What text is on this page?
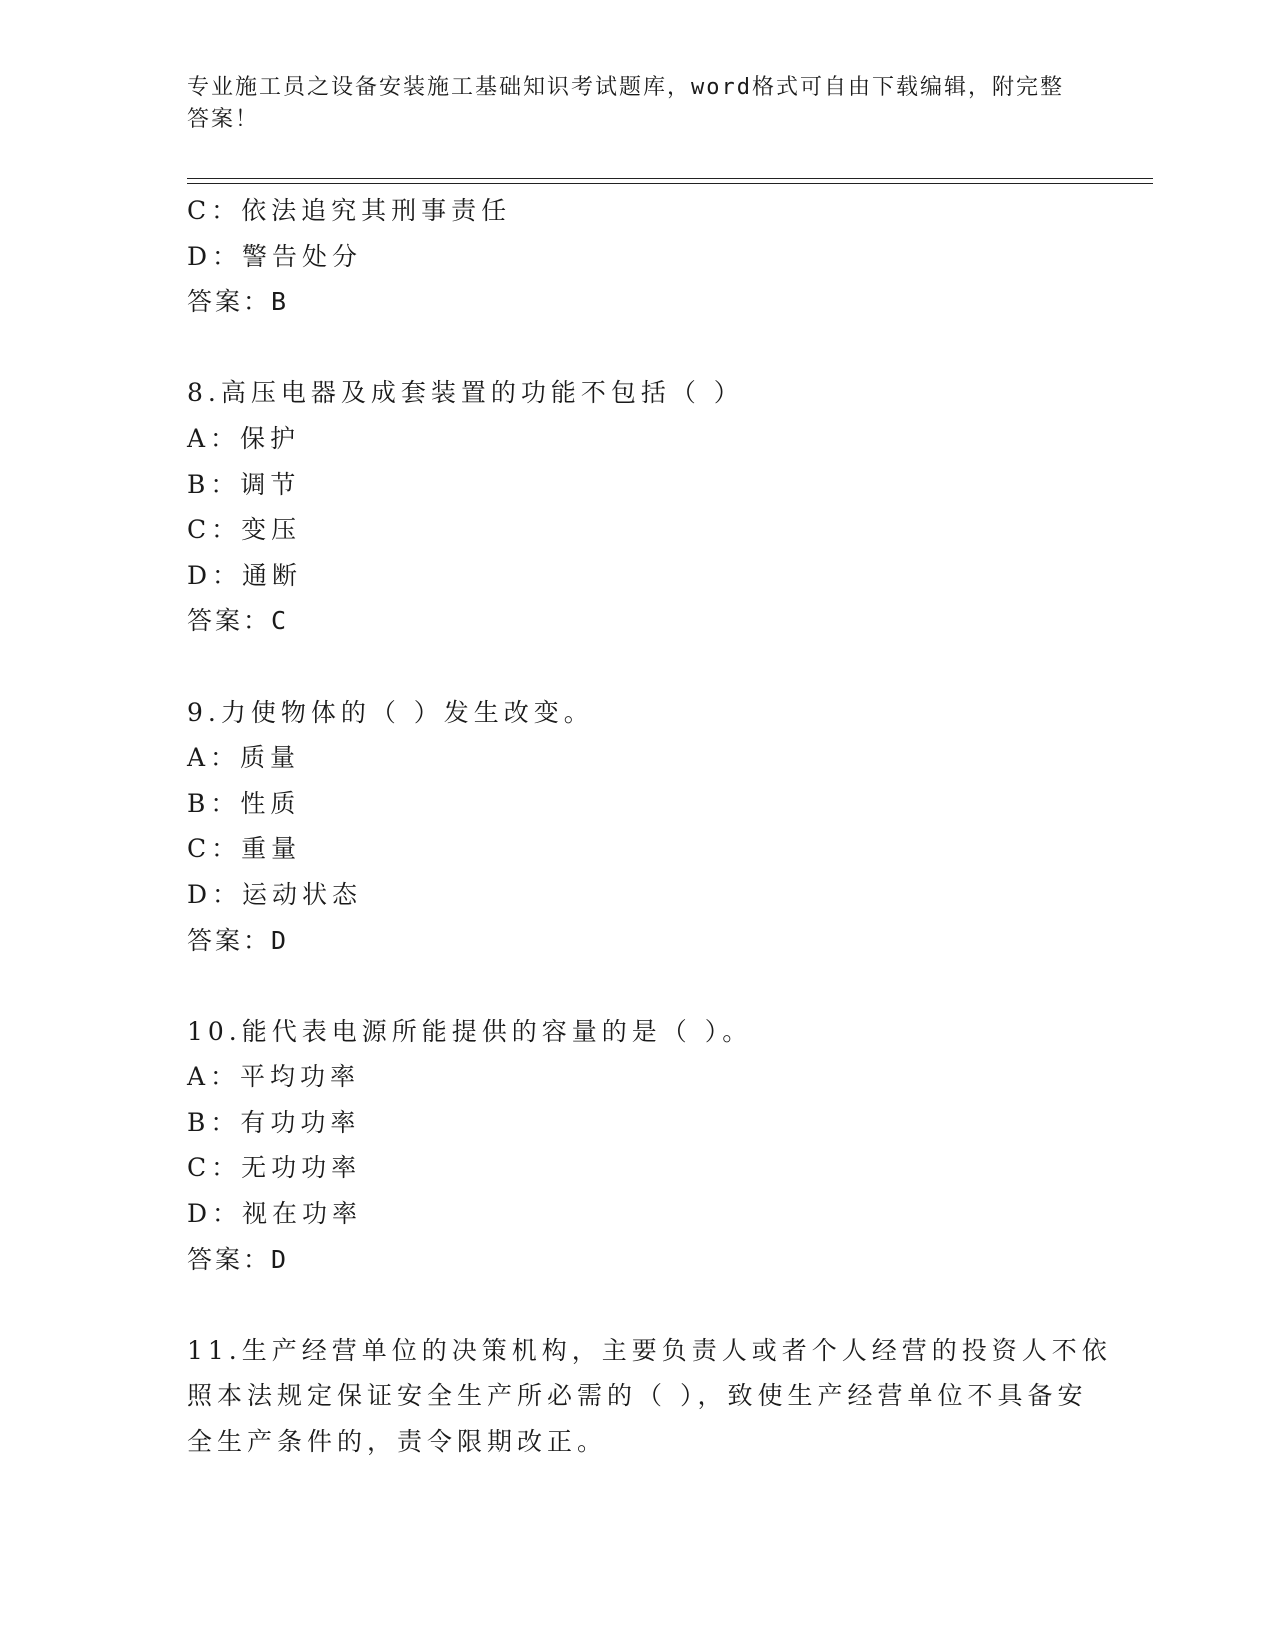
专业施工员之设备安装施工基础知识考试题库，word格式可自由下载编辑，附完整答案！
C：依法追究其刑事责任
D：警告处分
答案：B
8.高压电器及成套装置的功能不包括（ ）
A：保护
B：调节
C：变压
D：通断
答案：C
9.力使物体的（ ）发生改变。
A：质量
B：性质
C：重量
D：运动状态
答案：D
10.能代表电源所能提供的容量的是（ ）。
A：平均功率
B：有功功率
C：无功功率
D：视在功率
答案：D
11.生产经营单位的决策机构，主要负责人或者个人经营的投资人不依
照本法规定保证安全生产所必需的（ ），致使生产经营单位不具备安
全生产条件的，责令限期改正。
